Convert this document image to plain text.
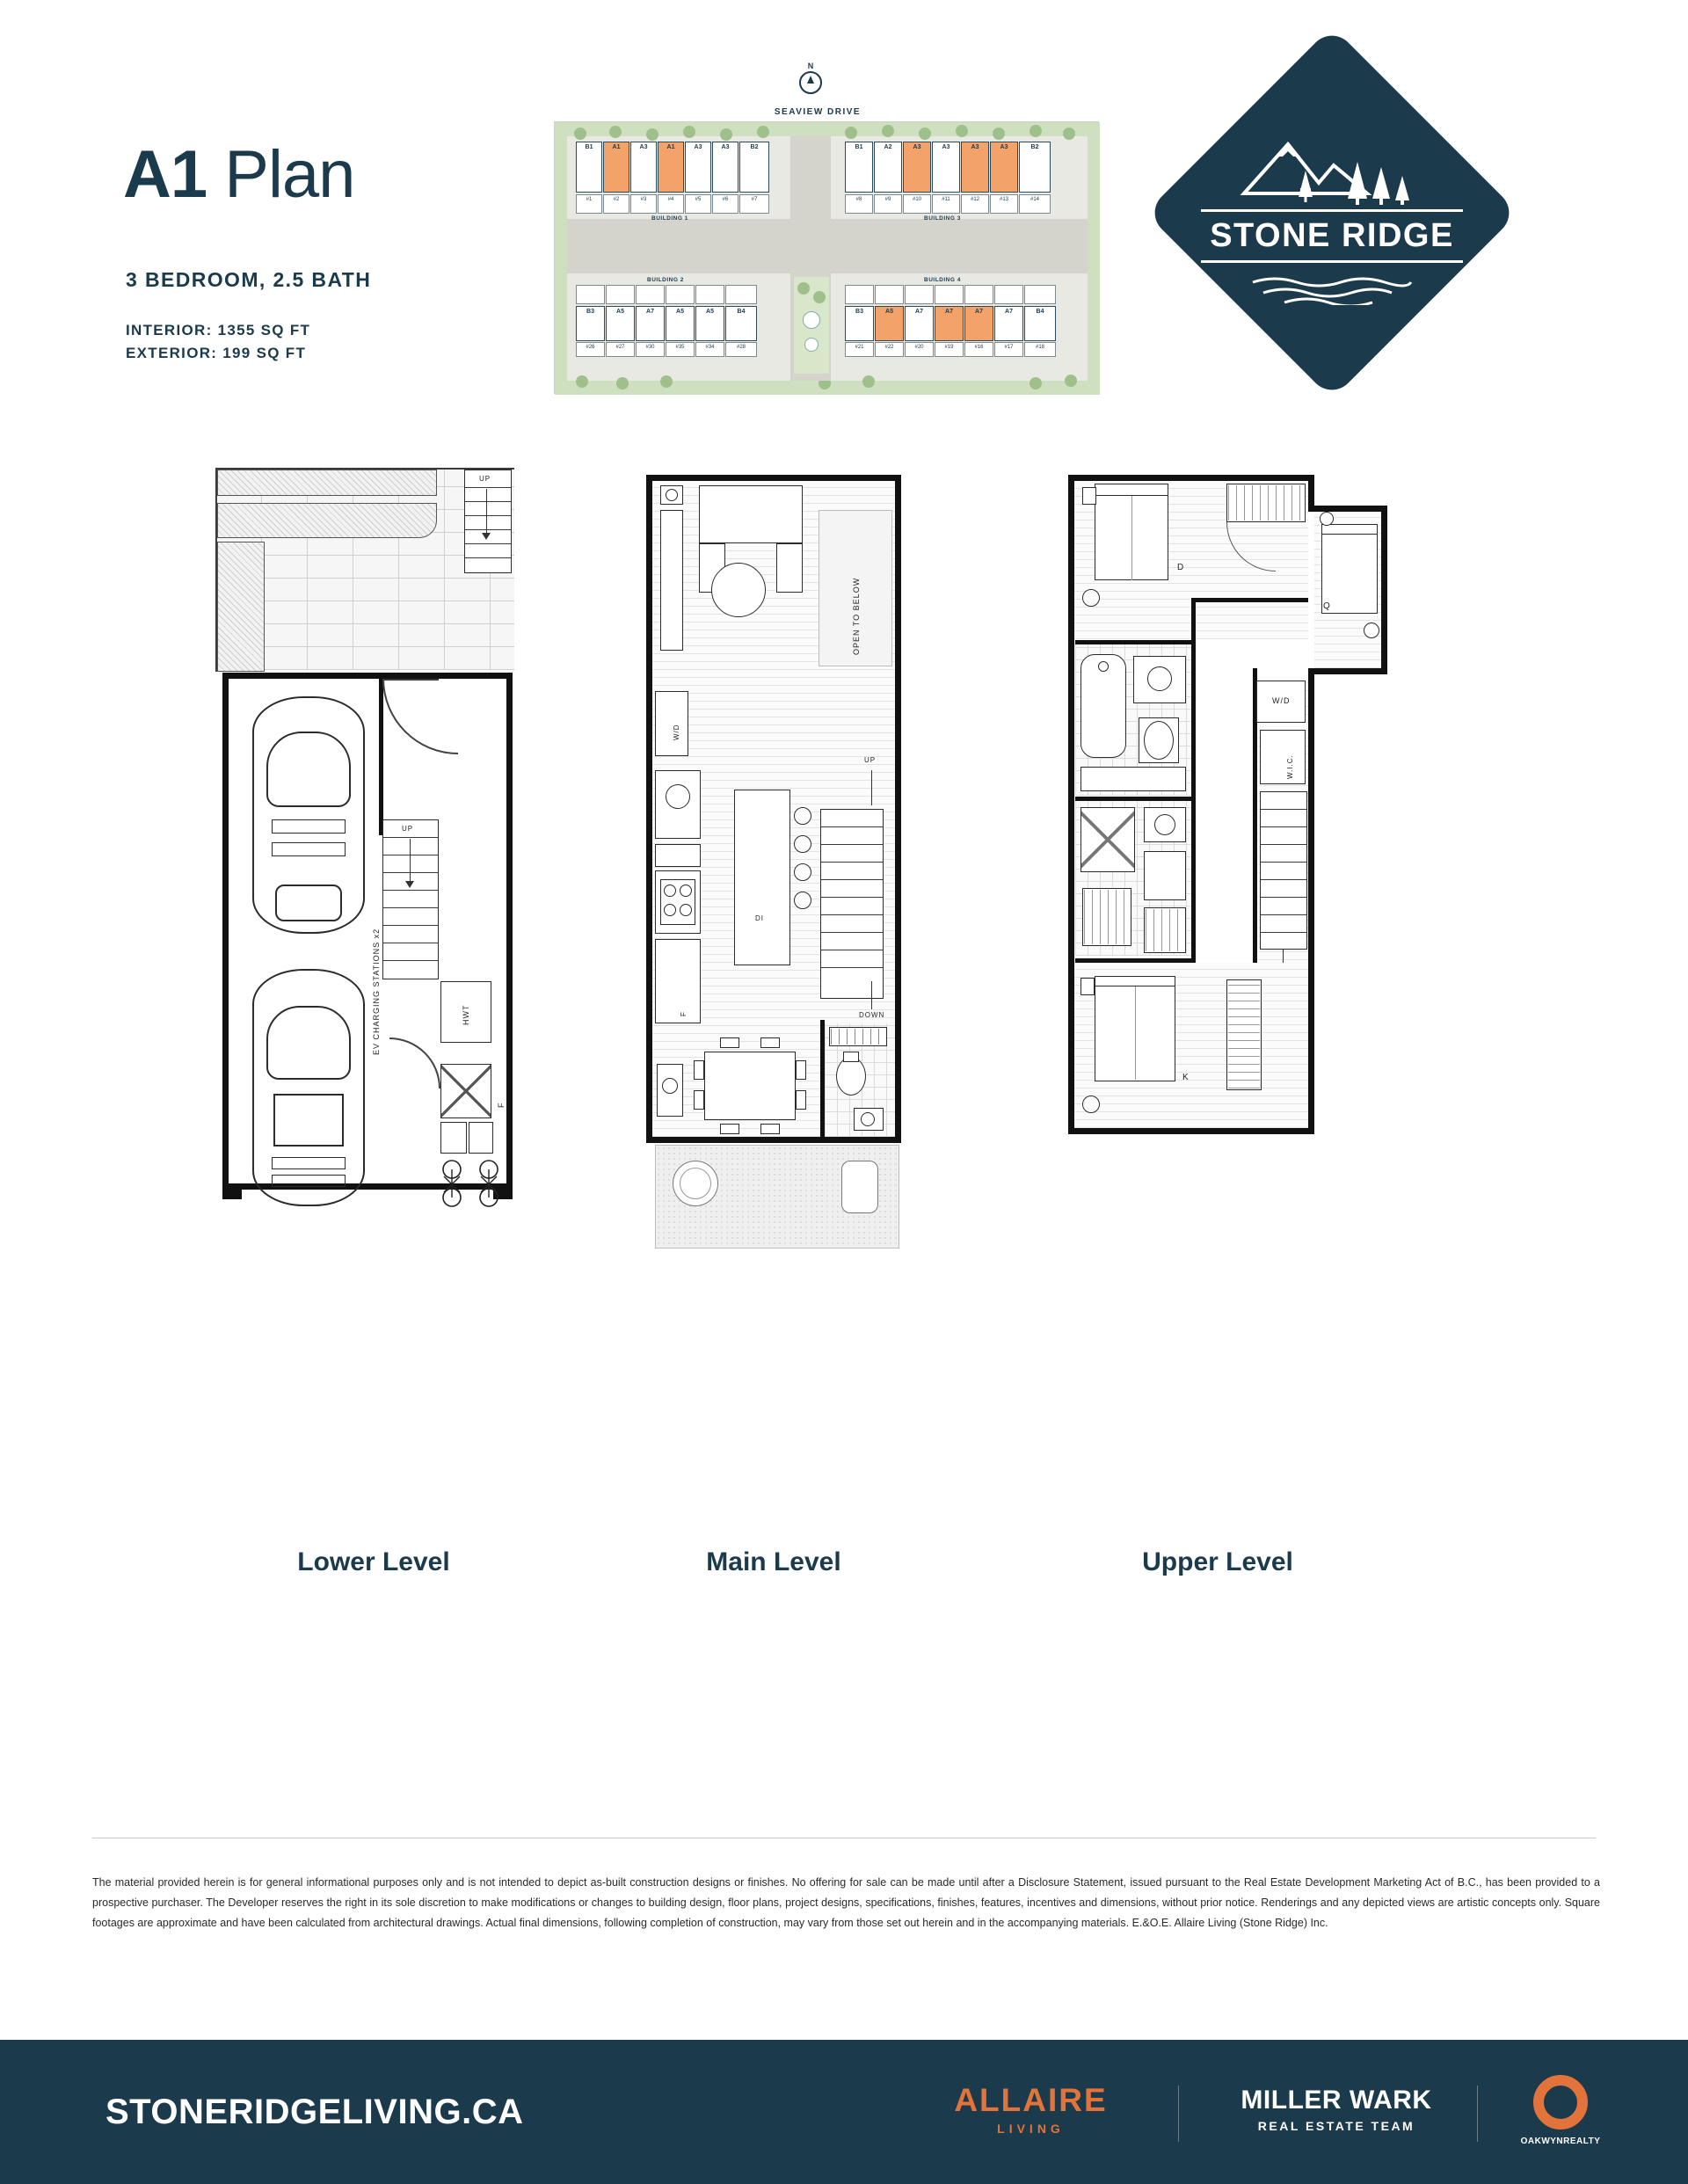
A1 Plan
3 BEDROOM, 2.5 BATH
INTERIOR: 1355 SQ FT
EXTERIOR: 199 SQ FT
N
SEAVIEW DRIVE
B1	A1	A3	A1	A3	A3	B2
#1	#2	#3	#4	#5	#6	#7
BUILDING 1
B1	A2	A3	A3	A3	A3	B2
#8	#9	#10	#11	#12	#13	#14
BUILDING 3
B3	A5	A7	A5	A5	B4
#26	#27	#30	#35	#34	#28
BUILDING 2
B3	A5	A7	A7	A7	A7	B4
#21	#22	#20	#19	#16	#17	#18
BUILDING 4
STONE RIDGE
UP
UP
EV CHARGING STATIONS x2	HWT
F
Lower Level
OPEN TO BELOW
W/D
F
DI
UP
DOWN
Main Level
D
Q
W/D
W.I.C.
K
Upper Level
The material provided herein is for general informational purposes only and is not intended to depict as-built construction designs or finishes. No offering for sale can be made until after a Disclosure Statement, issued pursuant to the Real Estate Development Marketing Act of B.C., has been provided to a prospective purchaser. The Developer reserves the right in its sole discretion to make modifications or changes to building design, floor plans, project designs, specifications, finishes, features, incentives and dimensions, without prior notice. Renderings and any depicted views are artistic concepts only. Square footages are approximate and have been calculated from architectural drawings. Actual final dimensions, following completion of construction, may vary from those set out herein and in the accompanying materials. E.&O.E. Allaire Living (Stone Ridge) Inc.
STONERIDGELIVING.CA	ALLAIRE
LIVING
MILLER WARK
REAL ESTATE TEAM
OAKWYNREALTY
